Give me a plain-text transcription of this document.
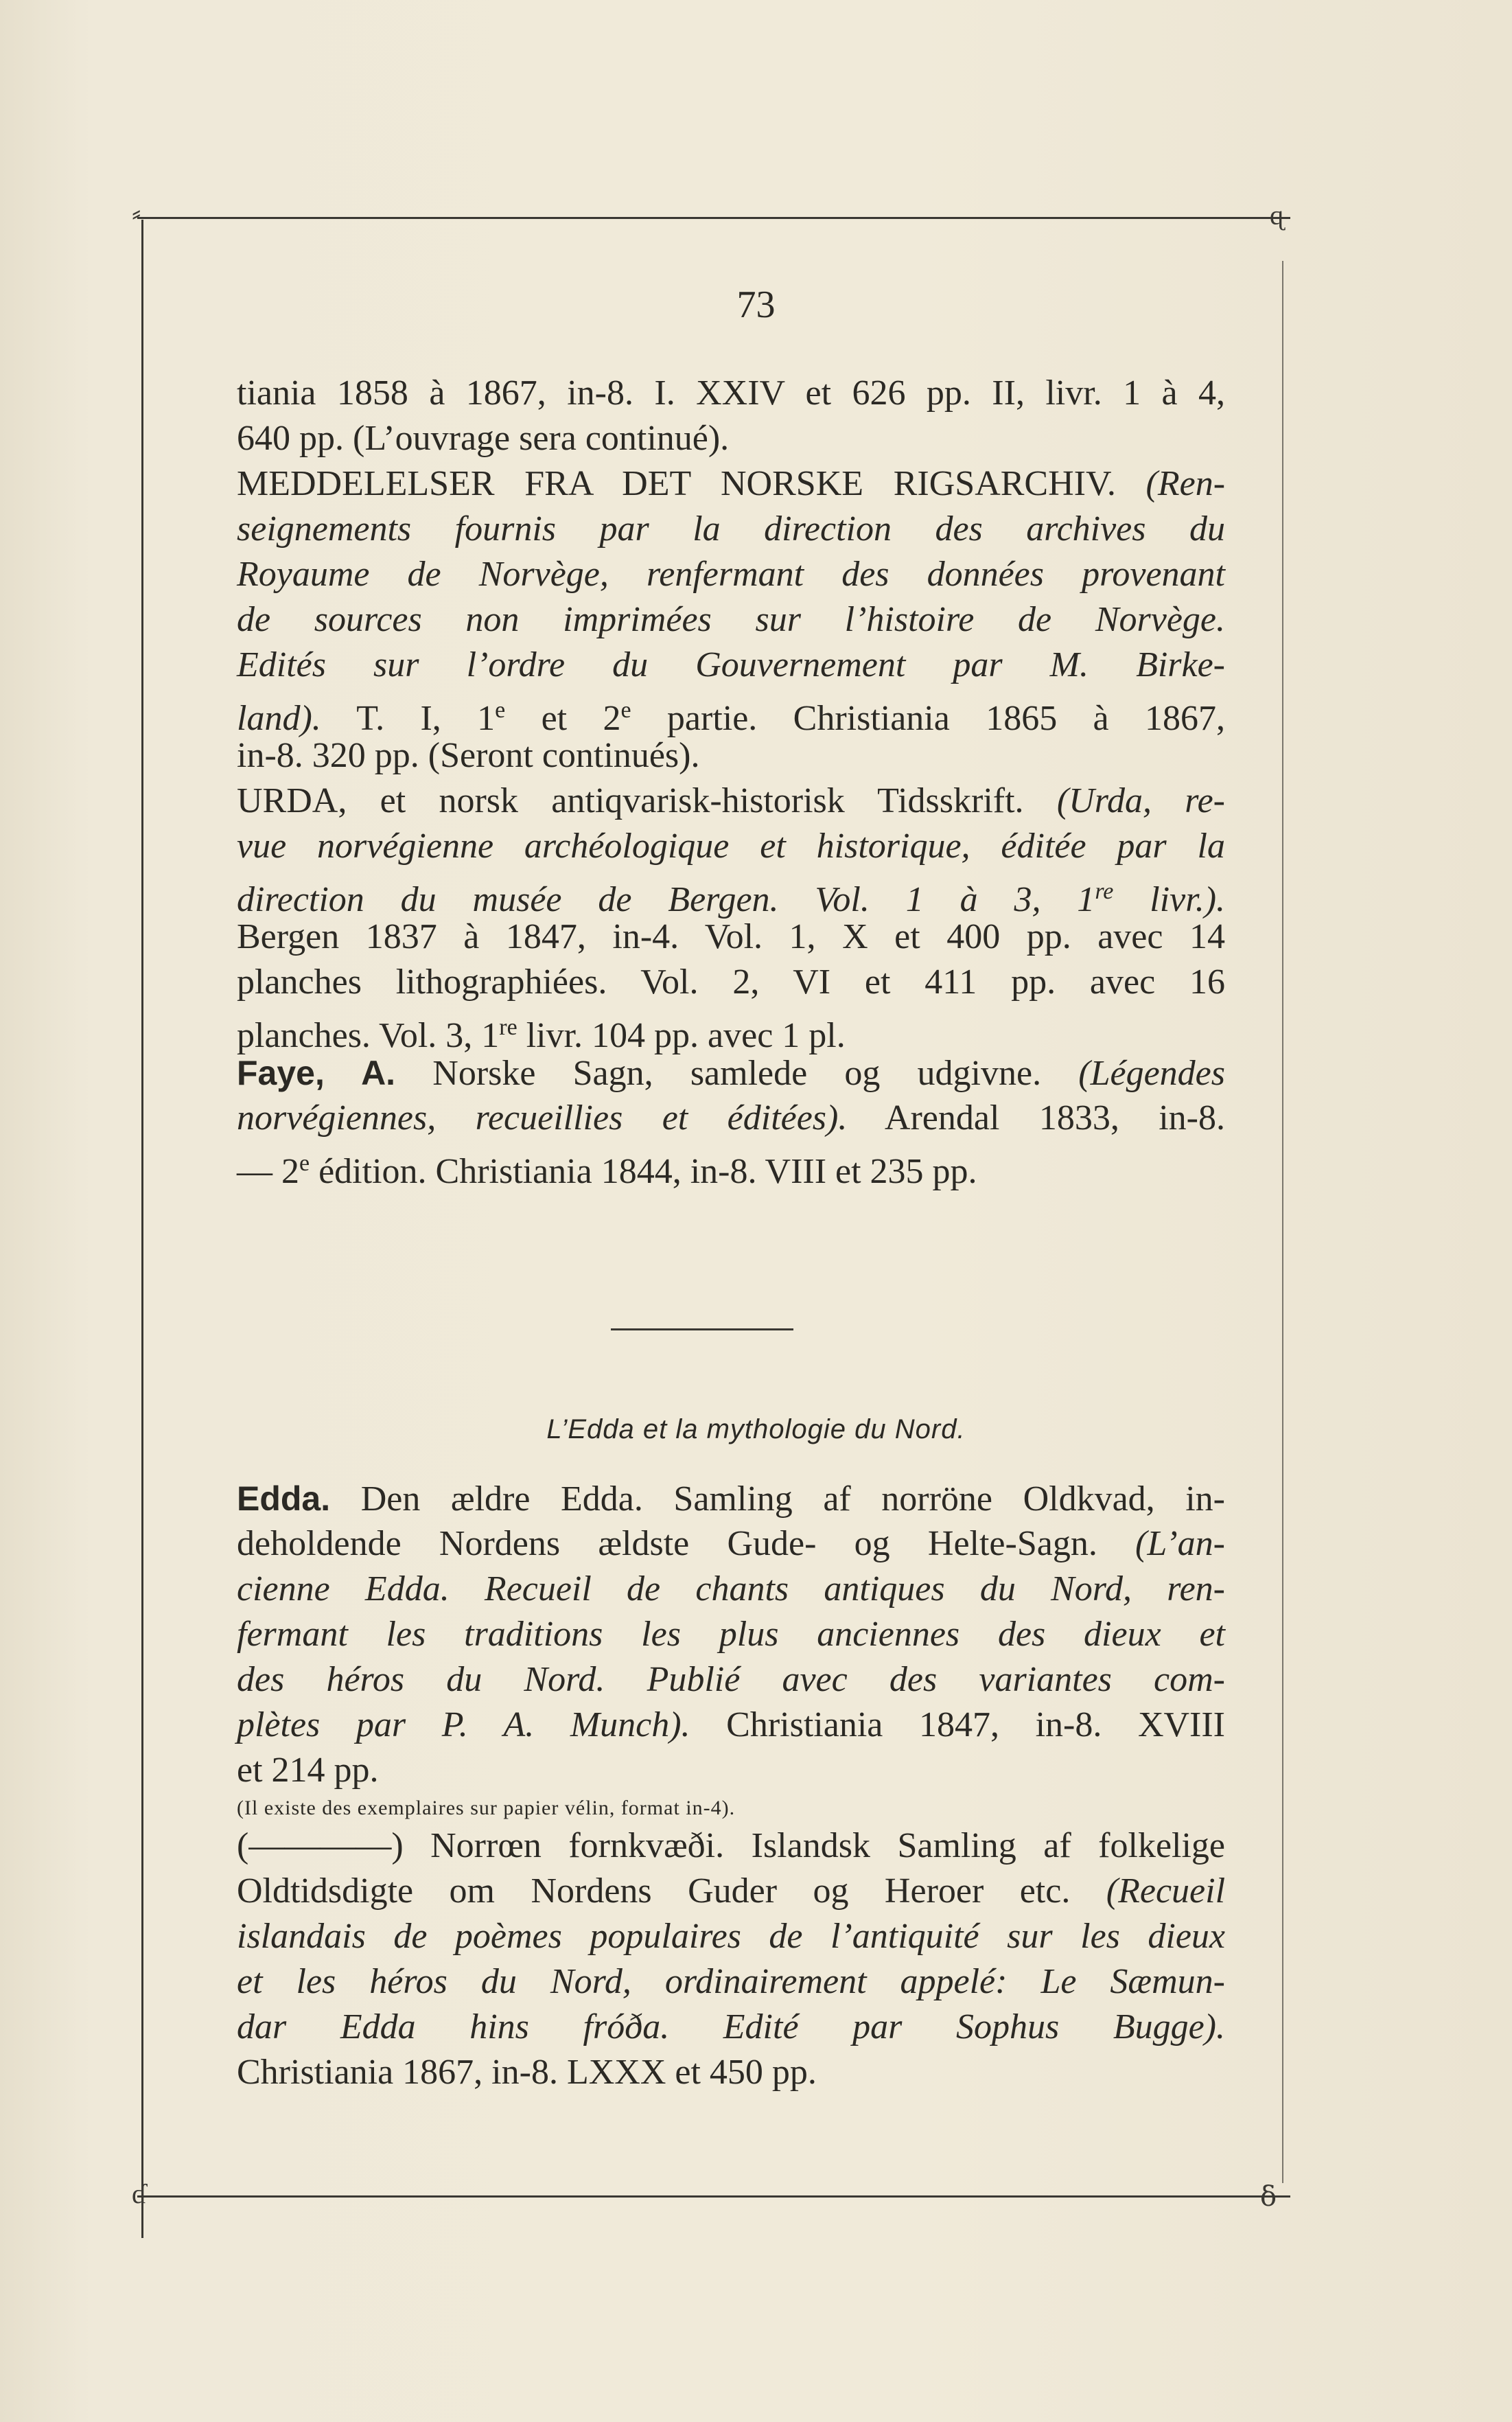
⸗	ɋ
ɗ	ẟ
73
tiania 1858 à 1867, in-8. I. XXIV et 626 pp. II, livr. 1 à 4,
640 pp. (L’ouvrage sera continué).
MEDDELELSER FRA DET NORSKE RIGSARCHIV. (Ren-
seignements fournis par la direction des archives du
Royaume de Norvège, renfermant des données provenant
de sources non imprimées sur l’histoire de Norvège.
Edités sur l’ordre du Gouvernement par M. Birke-
land). T. I, 1e et 2e partie. Christiania 1865 à 1867,
in-8. 320 pp. (Seront continués).
URDA, et norsk antiqvarisk-historisk Tidsskrift. (Urda, re-
vue norvégienne archéologique et historique, éditée par la
direction du musée de Bergen. Vol. 1 à 3, 1re livr.).
Bergen 1837 à 1847, in-4. Vol. 1, X et 400 pp. avec 14
planches lithographiées. Vol. 2, VI et 411 pp. avec 16
planches. Vol. 3, 1re livr. 104 pp. avec 1 pl.
Faye, A. Norske Sagn, samlede og udgivne. (Légendes
norvégiennes, recueillies et éditées). Arendal 1833, in-8.
— 2e édition. Christiania 1844, in-8. VIII et 235 pp.
L’Edda et la mythologie du Nord.
Edda. Den ældre Edda. Samling af norröne Oldkvad, in-
deholdende Nordens ældste Gude- og Helte-Sagn. (L’an-
cienne Edda. Recueil de chants antiques du Nord, ren-
fermant les traditions les plus anciennes des dieux et
des héros du Nord. Publié avec des variantes com-
plètes par P. A. Munch). Christiania 1847, in-8. XVIII
et 214 pp.
(Il existe des exemplaires sur papier vélin, format in-4).
(————) Norrœn fornkvæði. Islandsk Samling af folkelige
Oldtidsdigte om Nordens Guder og Heroer etc. (Recueil
islandais de poèmes populaires de l’antiquité sur les dieux
et les héros du Nord, ordinairement appelé: Le Sæmun-
dar Edda hins fróða. Edité par Sophus Bugge).
Christiania 1867, in-8. LXXX et 450 pp.
